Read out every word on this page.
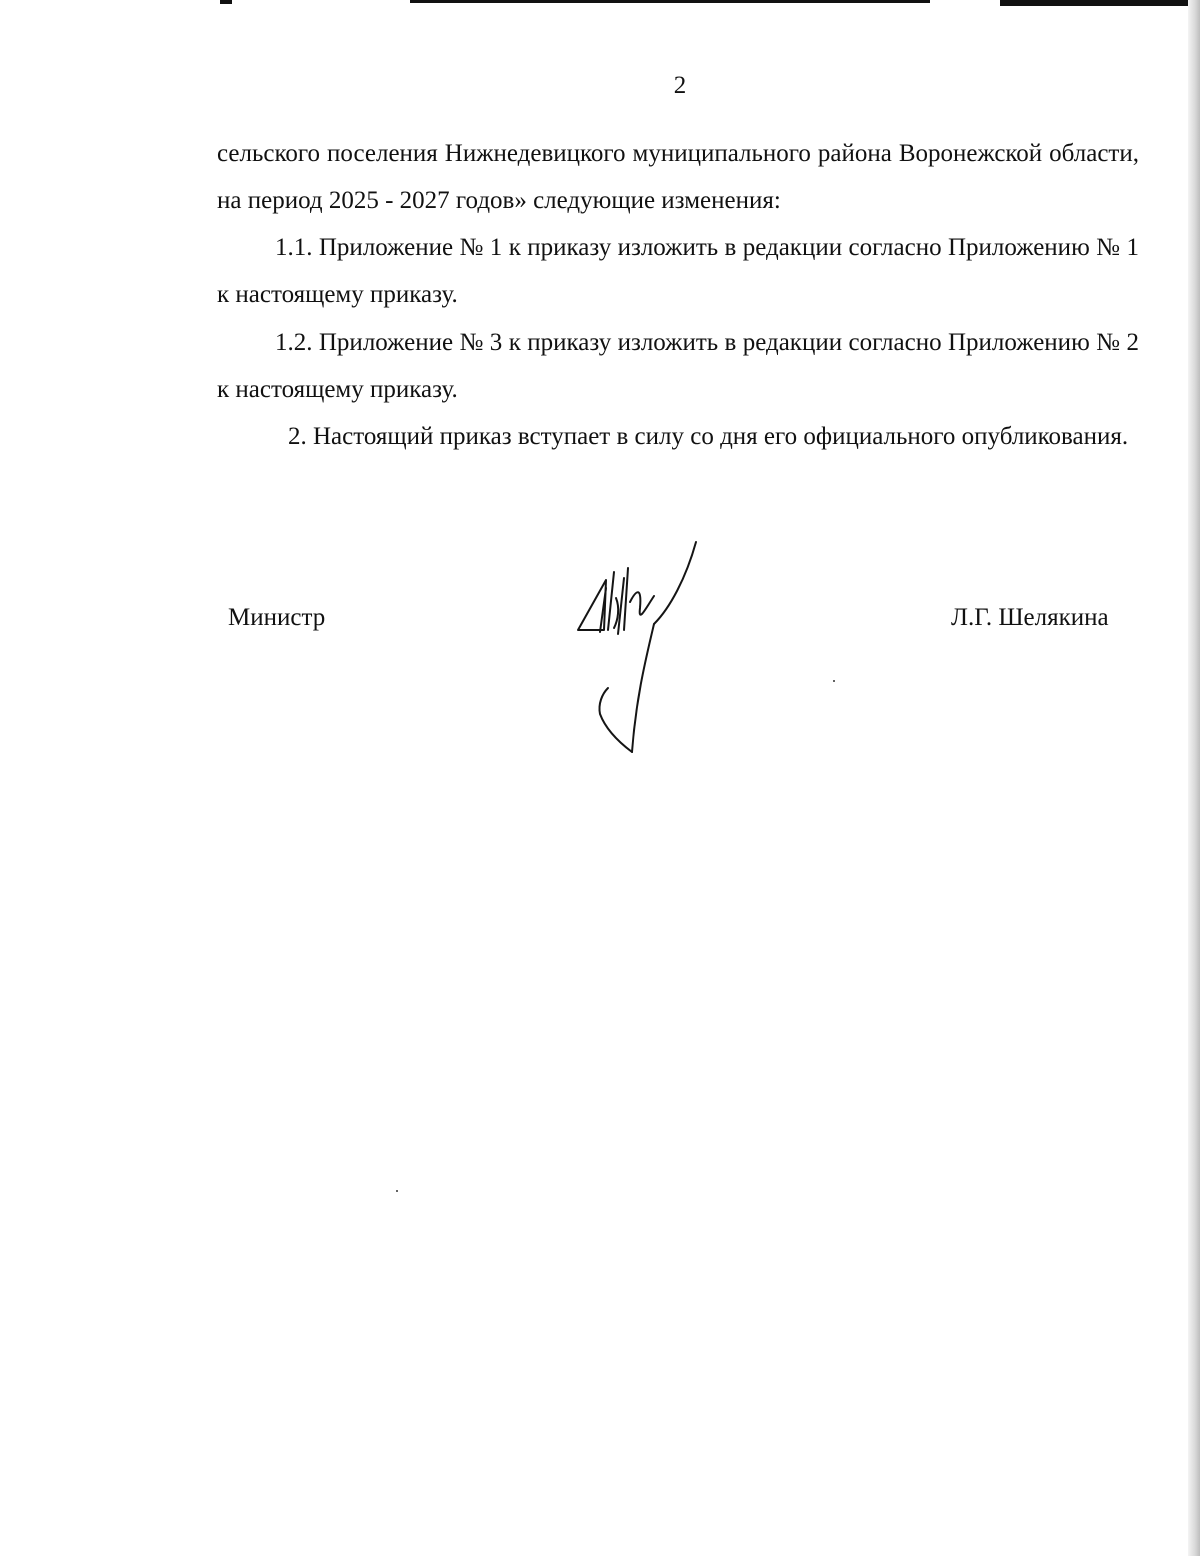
2

сельского поселения Нижнедевицкого муниципального района Воронежской области, на период 2025 - 2027 годов» следующие изменения:

1.1. Приложение № 1 к приказу изложить в редакции согласно Приложению № 1 к настоящему приказу.

1.2. Приложение № 3 к приказу изложить в редакции согласно Приложению № 2 к настоящему приказу.

2. Настоящий приказ вступает в силу со дня его официального опубликования.

Министр	Л.Г. Шелякина
